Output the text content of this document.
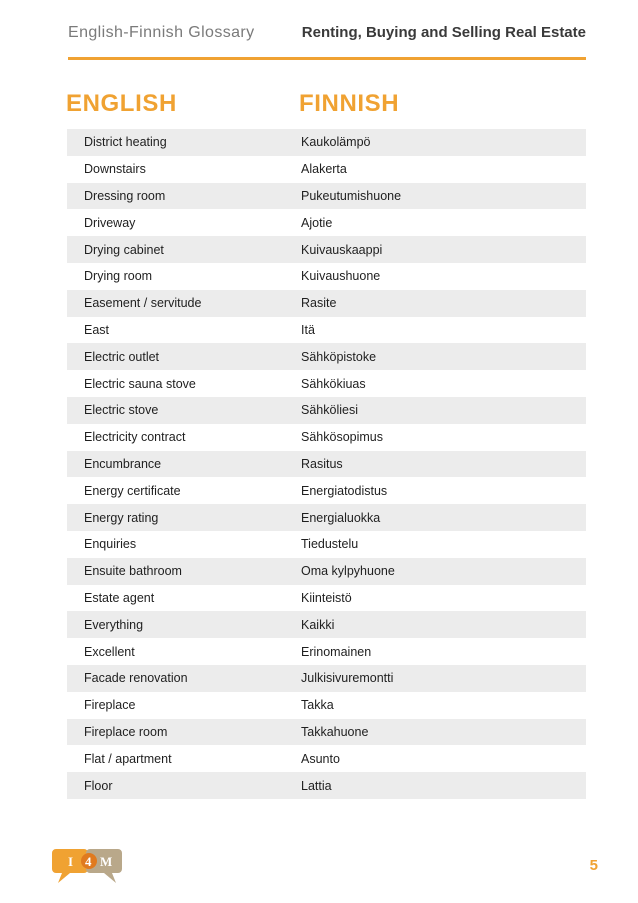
English-Finnish Glossary	Renting, Buying and Selling Real Estate
ENGLISH	FINNISH
District heating	Kaukolämpö
Downstairs	Alakerta
Dressing room	Pukeutumishuone
Driveway	Ajotie
Drying cabinet	Kuivauskaappi
Drying room	Kuivaushuone
Easement / servitude	Rasite
East	Itä
Electric outlet	Sähköpistoke
Electric sauna stove	Sähkökiuas
Electric stove	Sähköliesi
Electricity contract	Sähkösopimus
Encumbrance	Rasitus
Energy certificate	Energiatodistus
Energy rating	Energialuokka
Enquiries	Tiedustelu
Ensuite bathroom	Oma kylpyhuone
Estate agent	Kiinteistö
Everything	Kaikki
Excellent	Erinomainen
Facade renovation	Julkisivuremontti
Fireplace	Takka
Fireplace room	Takkahuone
Flat / apartment	Asunto
Floor	Lattia
I 4 M	5
